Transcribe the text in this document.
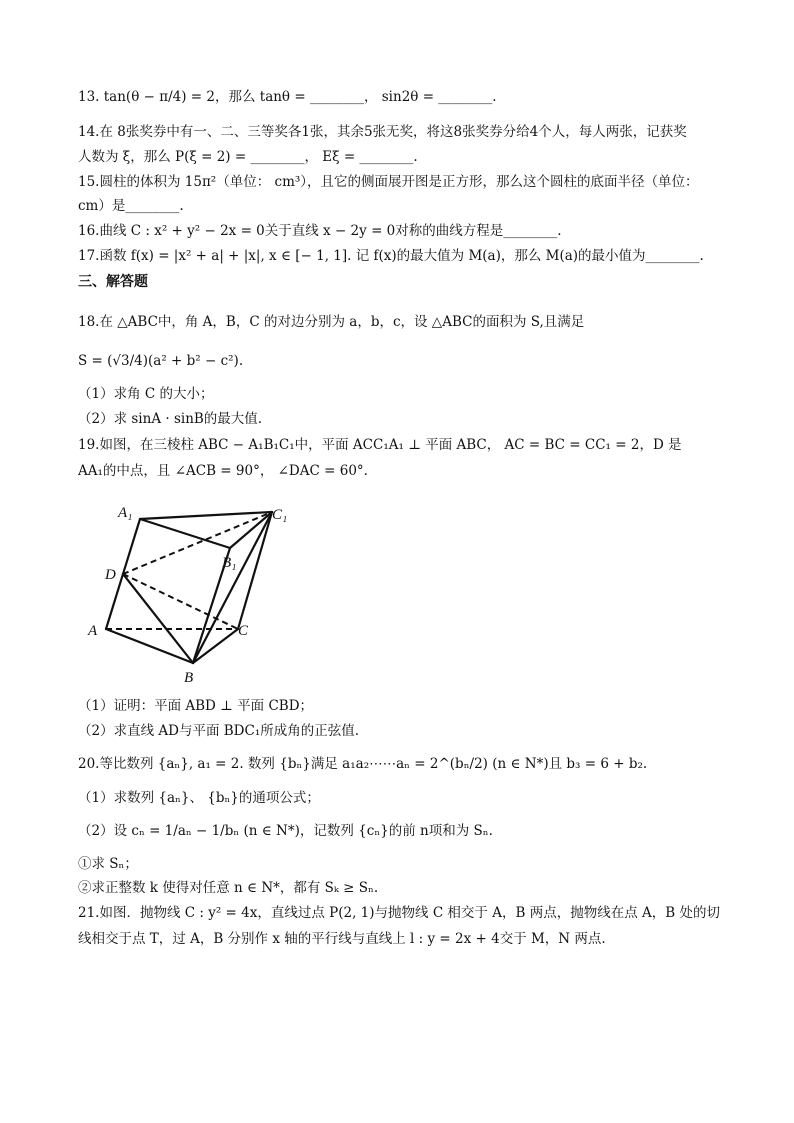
13. tan(θ − π/4) = 2，那么 tanθ = ________， sin2θ = ________.
14.在 8张奖券中有一、二、三等奖各1张，其余5张无奖，将这8张奖券分给4个人，每人两张，记获奖
人数为 ξ，那么 P(ξ = 2) = ________， Eξ = ________.
15.圆柱的体积为 15π²（单位： cm³），且它的侧面展开图是正方形，那么这个圆柱的底面半径（单位：
cm）是________.
16.曲线 C : x² + y² − 2x = 0关于直线 x − 2y = 0对称的曲线方程是________.
17.函数 f(x) = |x² + a| + |x|, x ∈ [− 1, 1]. 记 f(x)的最大值为 M(a)，那么 M(a)的最小值为________.
三、解答题
18.在 △ABC中，角 A，B，C 的对边分别为 a，b，c，设 △ABC的面积为 S,且满足
S = (√3/4)(a² + b² − c²).
（1）求角 C 的大小；
（2）求 sinA · sinB的最大值.
19.如图，在三棱柱 ABC − A₁B₁C₁中，平面 ACC₁A₁ ⊥ 平面 ABC， AC = BC = CC₁ = 2，D 是
AA₁的中点，且 ∠ACB = 90°， ∠DAC = 60°.
A₁	C₁
B₁
D
A	C
B
（1）证明：平面 ABD ⊥ 平面 CBD；
（2）求直线 AD与平面 BDC₁所成角的正弦值.
20.等比数列 {aₙ}, a₁ = 2. 数列 {bₙ}满足 a₁a₂⋯⋯aₙ = 2^(bₙ/2) (n ∈ N*)且 b₃ = 6 + b₂.
（1）求数列 {aₙ}、 {bₙ}的通项公式；
（2）设 cₙ = 1/aₙ − 1/bₙ (n ∈ N*)，记数列 {cₙ}的前 n项和为 Sₙ.
①求 Sₙ；
②求正整数 k 使得对任意 n ∈ N*，都有 Sₖ ≥ Sₙ.
21.如图．抛物线 C : y² = 4x，直线过点 P(2, 1)与抛物线 C 相交于 A，B 两点，抛物线在点 A，B 处的切
线相交于点 T，过 A，B 分别作 x 轴的平行线与直线上 l : y = 2x + 4交于 M，N 两点.
